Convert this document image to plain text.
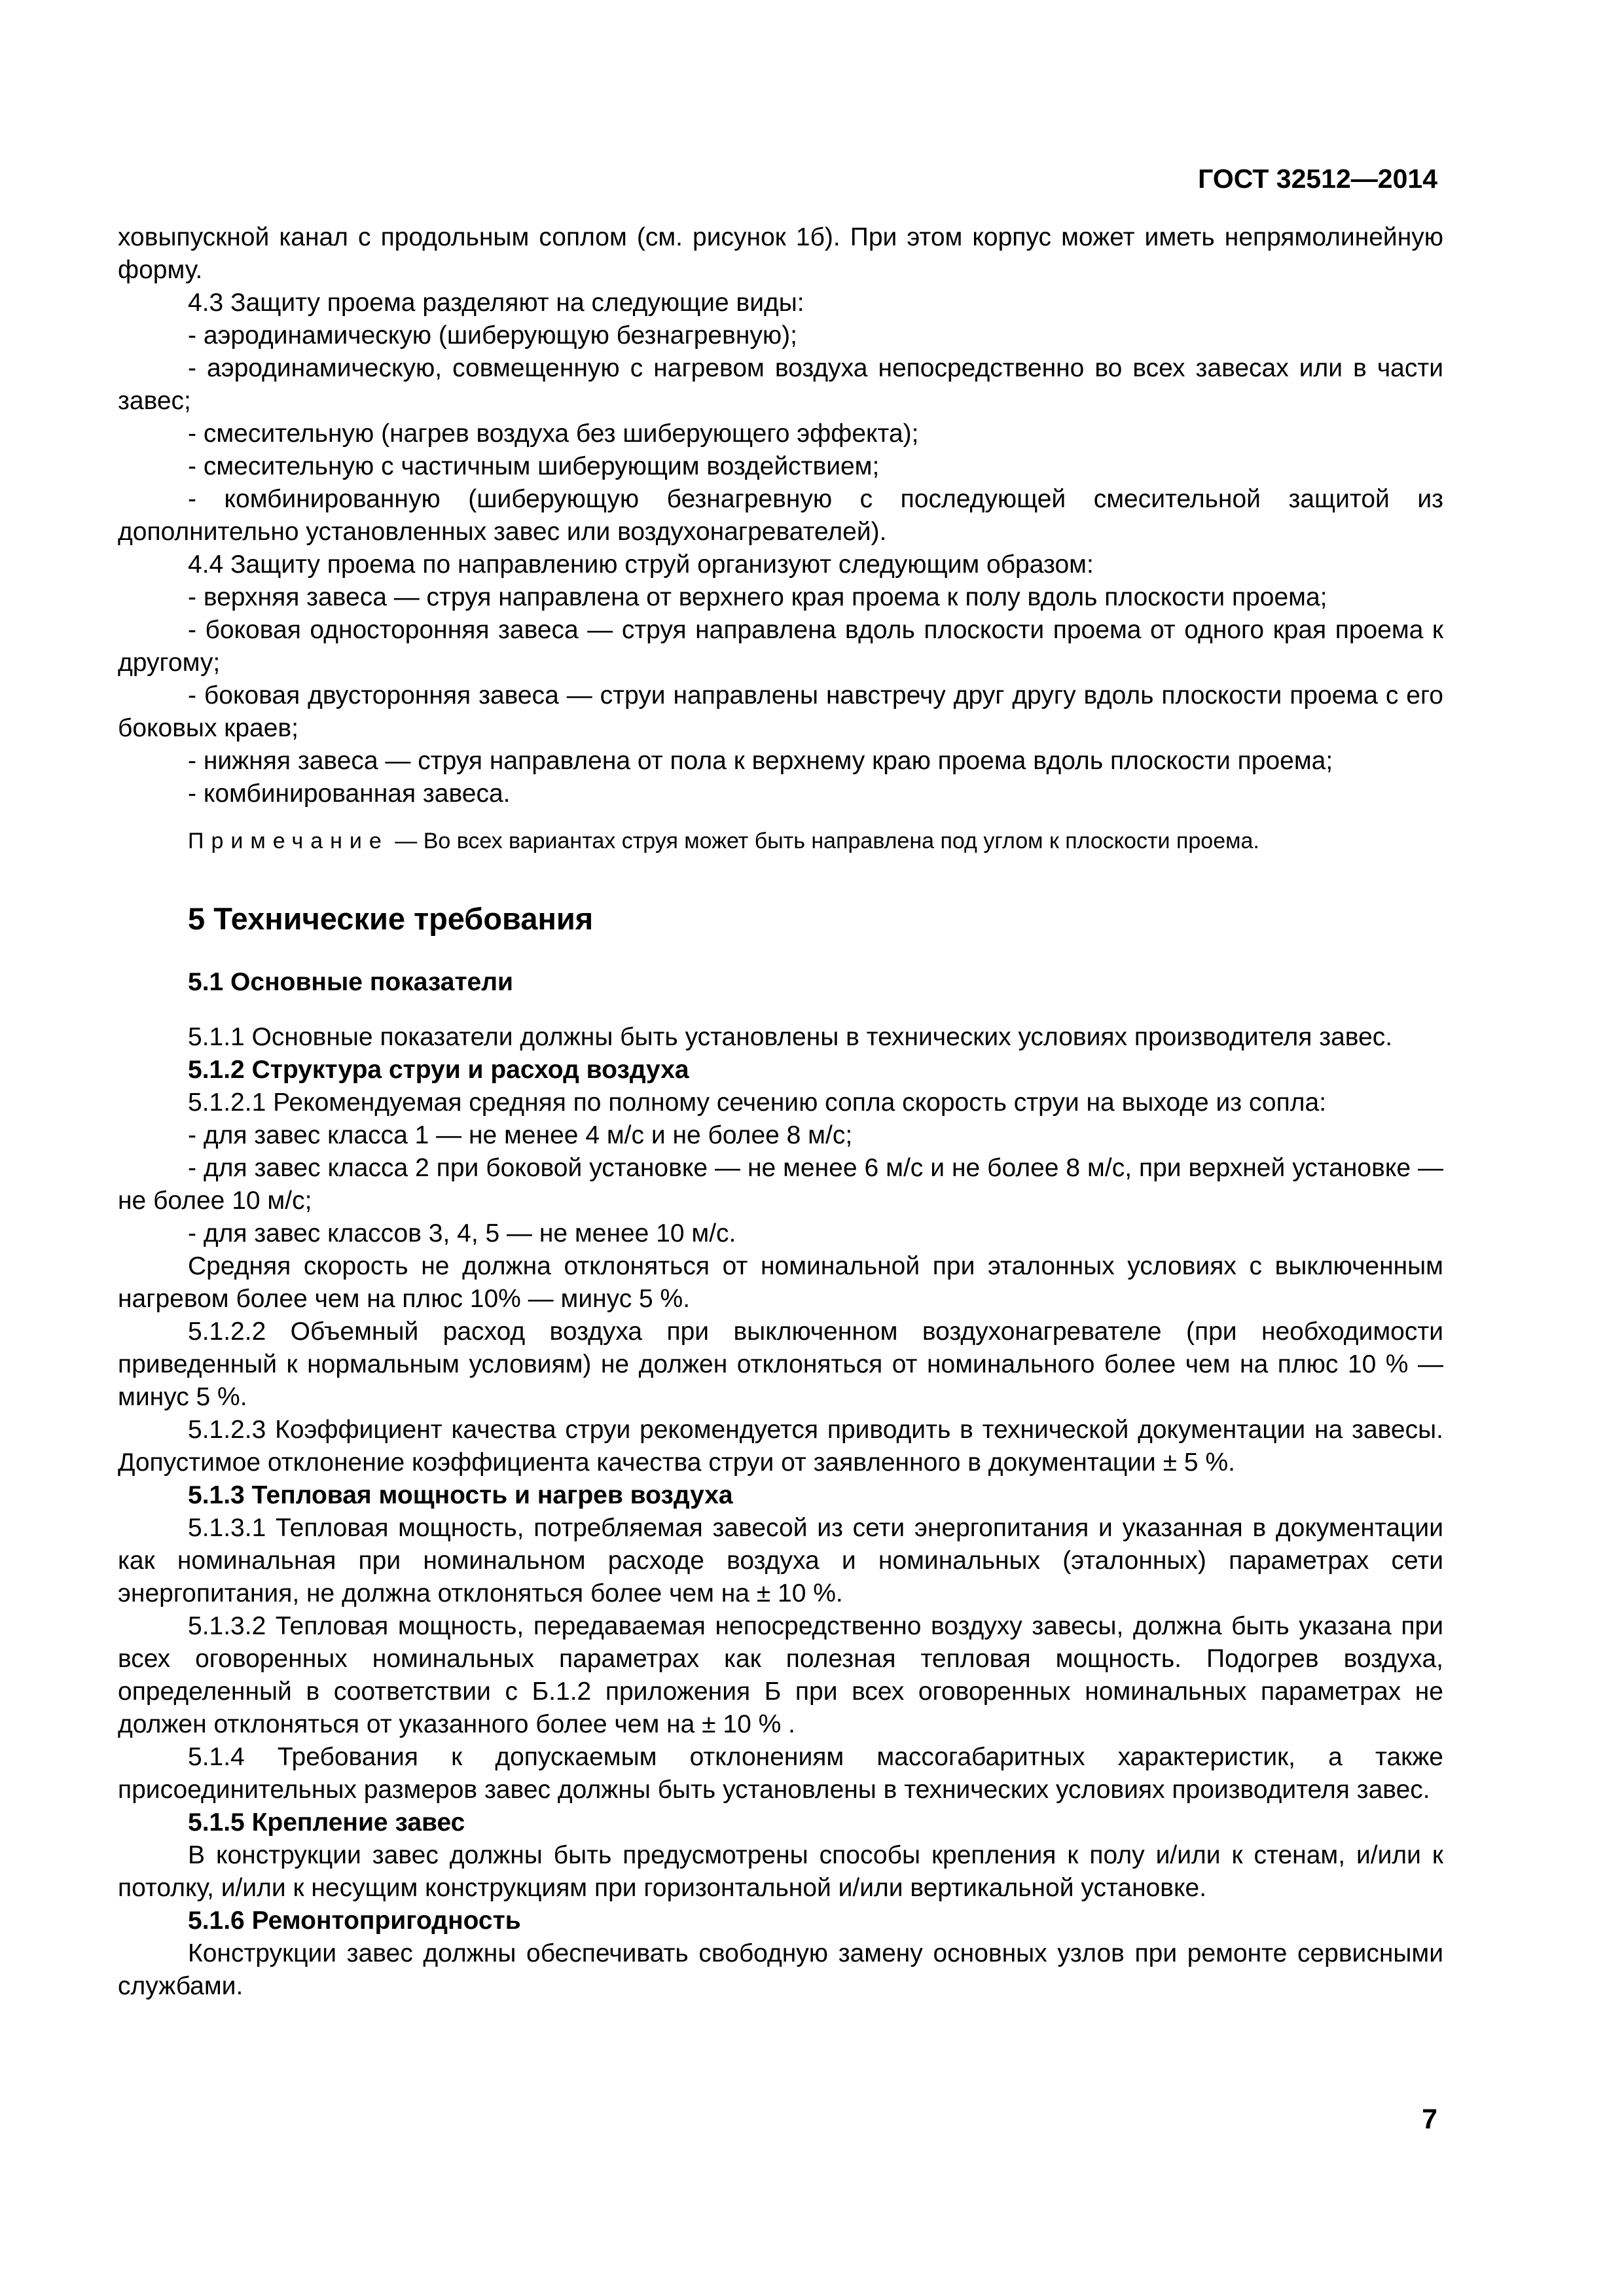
ГОСТ 32512—2014

ховыпускной канал с продольным соплом (см. рисунок 1б). При этом корпус может иметь непрямолинейную форму.

4.3 Защиту проема разделяют на следующие виды:

- аэродинамическую (шиберующую безнагревную);

- аэродинамическую, совмещенную с нагревом воздуха непосредственно во всех завесах или в части завес;

- смесительную (нагрев воздуха без шиберующего эффекта);

- смесительную с частичным шиберующим воздействием;

- комбинированную (шиберующую безнагревную с последующей смесительной защитой из дополнительно установленных завес или воздухонагревателей).

4.4 Защиту проема по направлению струй организуют следующим образом:

- верхняя завеса — струя направлена от верхнего края проема к полу вдоль плоскости проема;

- боковая односторонняя завеса — струя направлена вдоль плоскости проема от одного края проема к другому;

- боковая двусторонняя завеса — струи направлены навстречу друг другу вдоль плоскости проема с его боковых краев;

- нижняя завеса — струя направлена от пола к верхнему краю проема вдоль плоскости проема;

- комбинированная завеса.

Примечание — Во всех вариантах струя может быть направлена под углом к плоскости проема.

5 Технические требования
5.1 Основные показатели

5.1.1 Основные показатели должны быть установлены в технических условиях производителя завес.

5.1.2 Структура струи и расход воздуха

5.1.2.1 Рекомендуемая средняя по полному сечению сопла скорость струи на выходе из сопла:

- для завес класса 1 — не менее 4 м/с и не более 8 м/с;

- для завес класса 2 при боковой установке — не менее 6 м/с и не более 8 м/с, при верхней установке — не более 10 м/с;

- для завес классов 3, 4, 5 — не менее 10 м/с.

Средняя скорость не должна отклоняться от номинальной при эталонных условиях с выключенным нагревом более чем на плюс 10% — минус 5 %.

5.1.2.2 Объемный расход воздуха при выключенном воздухонагревателе (при необходимости приведенный к нормальным условиям) не должен отклоняться от номинального более чем на плюс 10 % — минус 5 %.

5.1.2.3 Коэффициент качества струи рекомендуется приводить в технической документации на завесы. Допустимое отклонение коэффициента качества струи от заявленного в документации ± 5 %.

5.1.3 Тепловая мощность и нагрев воздуха

5.1.3.1 Тепловая мощность, потребляемая завесой из сети энергопитания и указанная в документации как номинальная при номинальном расходе воздуха и номинальных (эталонных) параметрах сети энергопитания, не должна отклоняться более чем на ± 10 %.

5.1.3.2 Тепловая мощность, передаваемая непосредственно воздуху завесы, должна быть указана при всех оговоренных номинальных параметрах как полезная тепловая мощность. Подогрев воздуха, определенный в соответствии с Б.1.2 приложения Б при всех оговоренных номинальных параметрах не должен отклоняться от указанного более чем на ± 10 % .

5.1.4 Требования к допускаемым отклонениям массогабаритных характеристик, а также присоединительных размеров завес должны быть установлены в технических условиях производителя завес.

5.1.5 Крепление завес

В конструкции завес должны быть предусмотрены способы крепления к полу и/или к стенам, и/или к потолку, и/или к несущим конструкциям при горизонтальной и/или вертикальной установке.

5.1.6 Ремонтопригодность

Конструкции завес должны обеспечивать свободную замену основных узлов при ремонте сервисными службами.

7
